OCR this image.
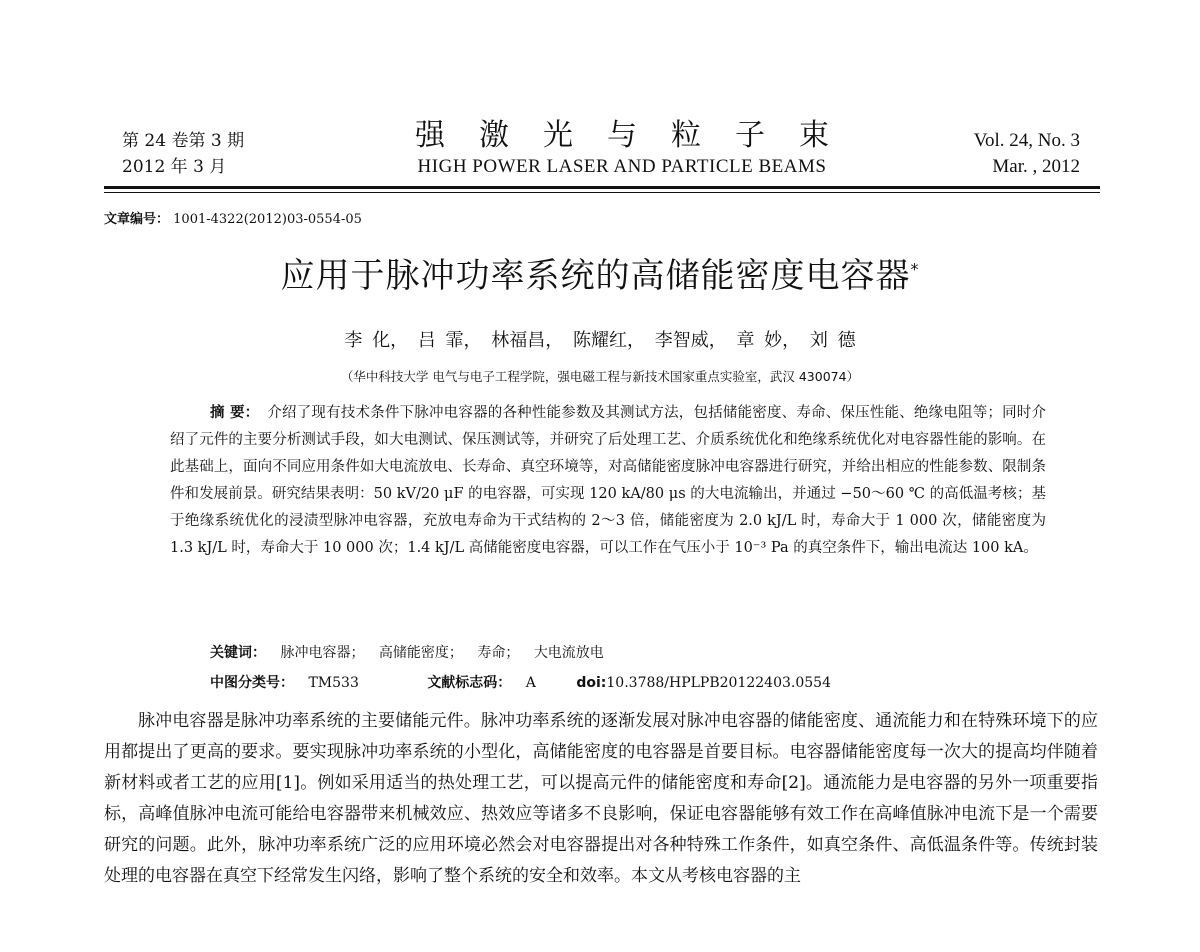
第 24 卷第 3 期
2012 年 3 月
强激光与粒子束
HIGH POWER LASER AND PARTICLE BEAMS
Vol. 24, No. 3
Mar. , 2012
文章编号： 1001-4322(2012)03-0554-05
应用于脉冲功率系统的高储能密度电容器*
李 化， 吕 霏， 林福昌， 陈耀红， 李智威， 章 妙， 刘 德
（华中科技大学 电气与电子工程学院，强电磁工程与新技术国家重点实验室，武汉 430074）
摘 要： 介绍了现有技术条件下脉冲电容器的各种性能参数及其测试方法，包括储能密度、寿命、保压性能、绝缘电阻等；同时介绍了元件的主要分析测试手段，如大电测试、保压测试等，并研究了后处理工艺、介质系统优化和绝缘系统优化对电容器性能的影响。在此基础上，面向不同应用条件如大电流放电、长寿命、真空环境等，对高储能密度脉冲电容器进行研究，并给出相应的性能参数、限制条件和发展前景。研究结果表明：50 kV/20 μF 的电容器，可实现 120 kA/80 μs 的大电流输出，并通过 −50～60 ℃ 的高低温考核；基于绝缘系统优化的浸渍型脉冲电容器，充放电寿命为干式结构的 2～3 倍，储能密度为 2.0 kJ/L 时，寿命大于 1 000 次，储能密度为 1.3 kJ/L 时，寿命大于 10 000 次；1.4 kJ/L 高储能密度电容器，可以工作在气压小于 10⁻³ Pa 的真空条件下，输出电流达 100 kA。
关键词： 脉冲电容器； 高储能密度； 寿命； 大电流放电
中图分类号： TM533	文献标志码： A	doi:10.3788/HPLPB20122403.0554

脉冲电容器是脉冲功率系统的主要储能元件。脉冲功率系统的逐渐发展对脉冲电容器的储能密度、通流能力和在特殊环境下的应用都提出了更高的要求。要实现脉冲功率系统的小型化，高储能密度的电容器是首要目标。电容器储能密度每一次大的提高均伴随着新材料或者工艺的应用[1]。例如采用适当的热处理工艺，可以提高元件的储能密度和寿命[2]。通流能力是电容器的另外一项重要指标，高峰值脉冲电流可能给电容器带来机械效应、热效应等诸多不良影响，保证电容器能够有效工作在高峰值脉冲电流下是一个需要研究的问题。此外，脉冲功率系统广泛的应用环境必然会对电容器提出对各种特殊工作条件，如真空条件、高低温条件等。传统封装处理的电容器在真空下经常发生闪络，影响了整个系统的安全和效率。本文从考核电容器的主
